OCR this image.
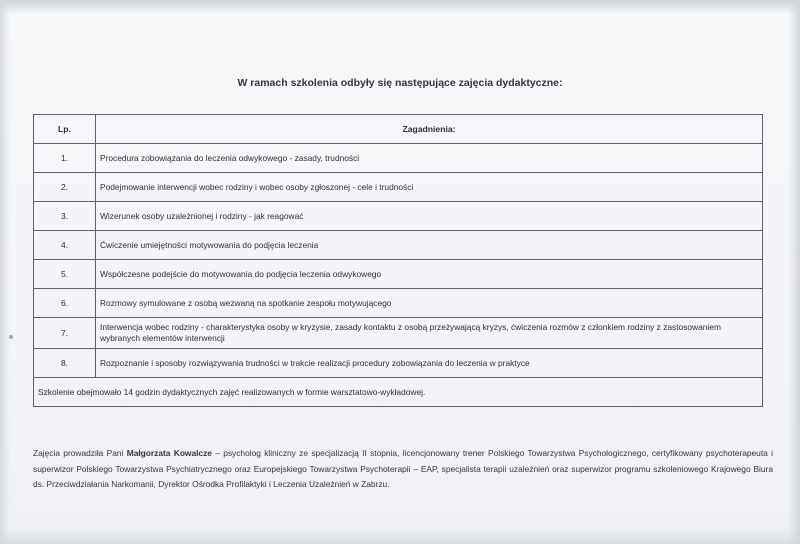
W ramach szkolenia odbyły się następujące zajęcia dydaktyczne:
Lp.	Zagadnienia:
1.	Procedura zobowiązania do leczenia odwykowego - zasady, trudności
2.	Podejmowanie interwencji wobec rodziny i wobec osoby zgłoszonej - cele i trudności
3.	Wizerunek osoby uzależnionej i rodziny - jak reagować
4.	Ćwiczenie umiejętności motywowania do podjęcia leczenia
5.	Współczesne podejście do motywowania do podjęcia leczenia odwykowego
6.	Rozmowy symulowane z osobą wezwaną na spotkanie zespołu motywującego
7.	Interwencja wobec rodziny - charakterystyka osoby w kryzysie, zasady kontaktu z osobą przeżywającą kryzys, ćwiczenia rozmów z członkiem rodziny z zastosowaniem wybranych elementów interwencji
8.	Rozpoznanie i sposoby rozwiązywania trudności w trakcie realizacji procedury zobowiązania do leczenia w praktyce
Szkolenie obejmowało 14 godzin dydaktycznych zajęć realizowanych w formie warsztatowo-wykładowej.	
Zajęcia prowadziła Pani Małgorzata Kowalcze – psycholog kliniczny ze specjalizacją II stopnia, licencjonowany trener Polskiego Towarzystwa Psychologicznego, certyfikowany psychoterapeuta i superwizor Polskiego Towarzystwa Psychiatrycznego oraz Europejskiego Towarzystwa Psychoterapii – EAP, specjalista terapii uzależnień oraz superwizor programu szkoleniowego Krajowego Biura ds. Przeciwdziałania Narkomanii, Dyrektor Ośrodka Profilaktyki i Leczenia Uzależnień w Zabrzu.
